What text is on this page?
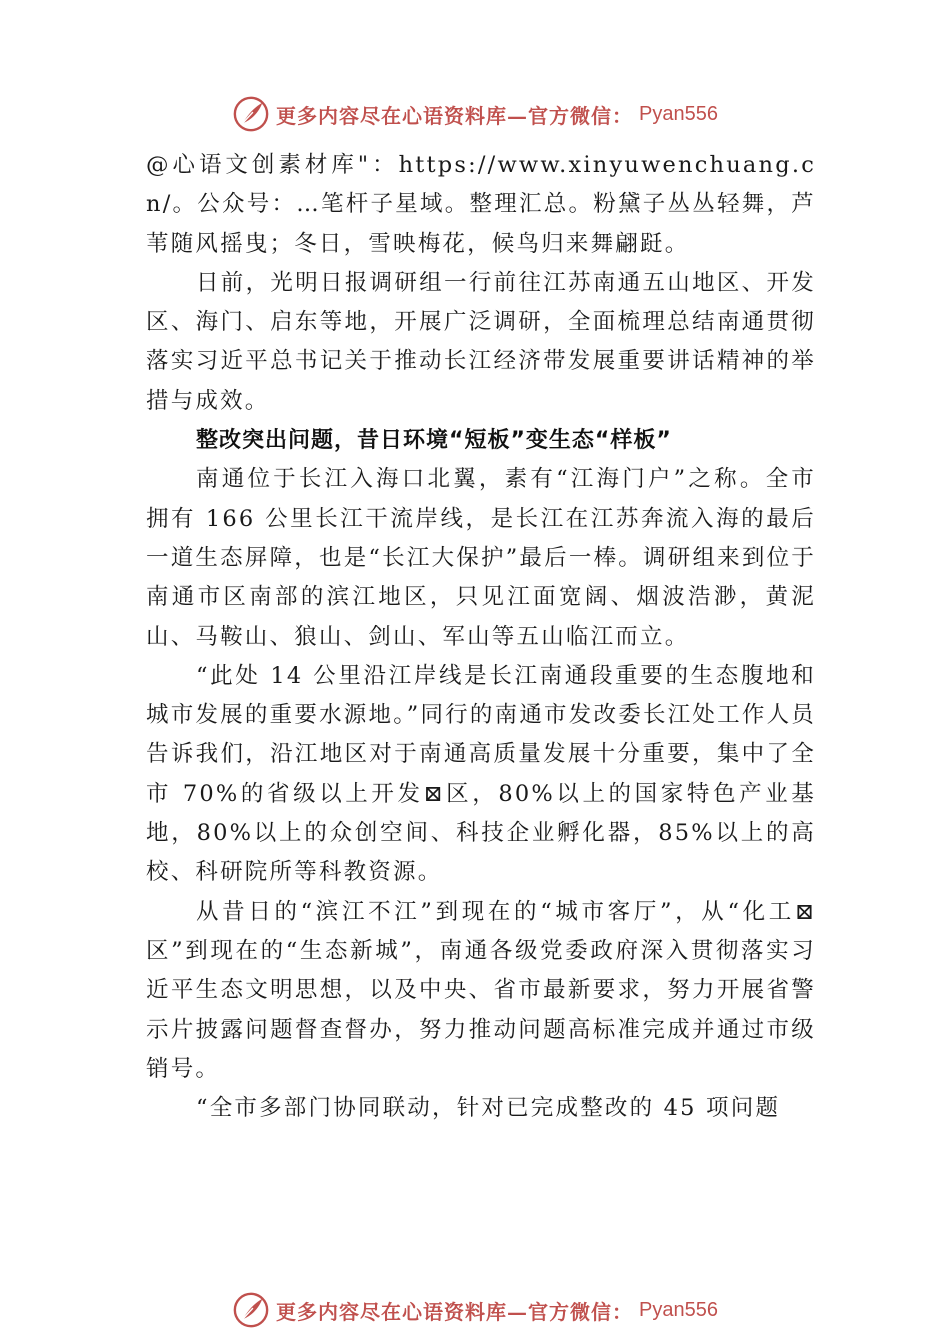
更多内容尽在心语资料库—官方微信： Pyan556

@心语文创素材库"：https://www.xinyuwenchuang.cn/。公众号：…笔杆子星域。整理汇总。粉黛子丛丛轻舞，芦苇随风摇曳；冬日，雪映梅花，候鸟归来舞翩跹。

日前，光明日报调研组一行前往江苏南通五山地区、开发区、海门、启东等地，开展广泛调研，全面梳理总结南通贯彻落实习近平总书记关于推动长江经济带发展重要讲话精神的举措与成效。

整改突出问题，昔日环境“短板”变生态“样板”

南通位于长江入海口北翼，素有“江海门户”之称。全市拥有 166 公里长江干流岸线，是长江在江苏奔流入海的最后一道生态屏障，也是“长江大保护”最后一棒。调研组来到位于南通市区南部的滨江地区，只见江面宽阔、烟波浩渺，黄泥山、马鞍山、狼山、剑山、军山等五山临江而立。

“此处 14 公里沿江岸线是长江南通段重要的生态腹地和城市发展的重要水源地。”同行的南通市发改委长江处工作人员告诉我们，沿江地区对于南通高质量发展十分重要，集中了全市 70%的省级以上开发⊠区，80%以上的国家特色产业基地，80%以上的众创空间、科技企业孵化器，85%以上的高校、科研院所等科教资源。

从昔日的“滨江不江”到现在的“城市客厅”，从“化工⊠区”到现在的“生态新城”，南通各级党委政府深入贯彻落实习近平生态文明思想，以及中央、省市最新要求，努力开展省警示片披露问题督查督办，努力推动问题高标准完成并通过市级销号。

“全市多部门协同联动，针对已完成整改的 45 项问题

更多内容尽在心语资料库—官方微信： Pyan556
